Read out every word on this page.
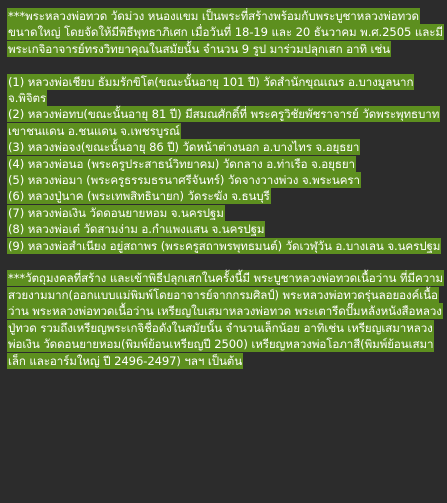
***พระหลวงพ่อทวด วัดม่วง หนองแขม เป็นพระที่สร้างพร้อมกับพระบูชาหลวงพ่อทวดขนาดใหญ่ โดยจัดให้มีพิธีพุทธาภิเศก เมื่อวันที่ 18-19 และ 20 ธันวาคม พ.ศ.2505 และมีพระเกจิอาจารย์ทรงวิทยาคุณในสมัยนั้น จำนวน 9 รูป มาร่วมปลุกเสก อาทิ เช่น

(1) หลวงพ่อเชียบ ธัมมรักขิโต(ขณะนั้นอายุ 101 ปี) วัดสำนักขุณเณร อ.บางมูลนาก จ.พิจิตร
(2) หลวงพ่อทบ(ขณะนั้นอายุ 81 ปี) มีสมณศักดิ์ที่ พระครูวิชัยพัชราจารย์ วัดพระพุทธบาทเขาชนแดน อ.ชนแดน จ.เพชรบูรณ์
(3) หลวงพ่อจง(ขณะนั้นอายุ 86 ปี) วัดหน้าต่างนอก อ.บางไทร จ.อยุธยา
(4) หลวงพ่อนอ (พระครูประสาธน์วิทยาคม) วัดกลาง อ.ท่าเรือ จ.อยุธยา
(5) หลวงพ่อมา (พระครูธรรมธรนาศรีจันทร์) วัดจางวางพ่วง จ.พระนครา
(6) หลวงปู่นาค (พระเทพสิทธินายก) วัดระฆัง จ.ธนบุรี
(7) หลวงพ่อเงิน วัดดอนยายหอม จ.นครปฐม
(8) หลวงพ่อเต๋ วัดสามง่าม อ.กำแพงแสน จ.นครปฐม
(9) หลวงพ่อสำเนียง อยู่สถาพร (พระครูสถาพรพุทธมนต์) วัดเวฬุวัน อ.บางเลน จ.นครปฐม

***วัตถุมงคลที่สร้าง และเข้าพิธีปลุกเสกในครั้งนี้มี พระบูชาหลวงพ่อทวดเนื้อว่าน ที่มีความสวยงามมาก(ออกแบบแม่พิมพ์โดยอาจารย์จากกรมศิลป์) พระหลวงพ่อทวดรุ่นลอยองค์เนื้อว่าน พระหลวงพ่อทวดเนื้อว่าน เหรียญใบเสมาหลวงพ่อทวด พระเตารีดปั๊มหลังหนังสือหลวงปู่ทวด รวมถึงเหรียญพระเกจิชื่อดังในสมัยนั้น จำนวนเล็กน้อย อาทิเช่น เหรียญเสมาหลวงพ่อเงิน วัดดอนยายหอม(พิมพ์ย้อนเหรียญปี 2500) เหรียญหลวงพ่อโอภาสี(พิมพ์ย้อนเสมาเล็ก และอาร์มใหญ่ ปี 2496-2497) ฯลฯ เป็นต้น
